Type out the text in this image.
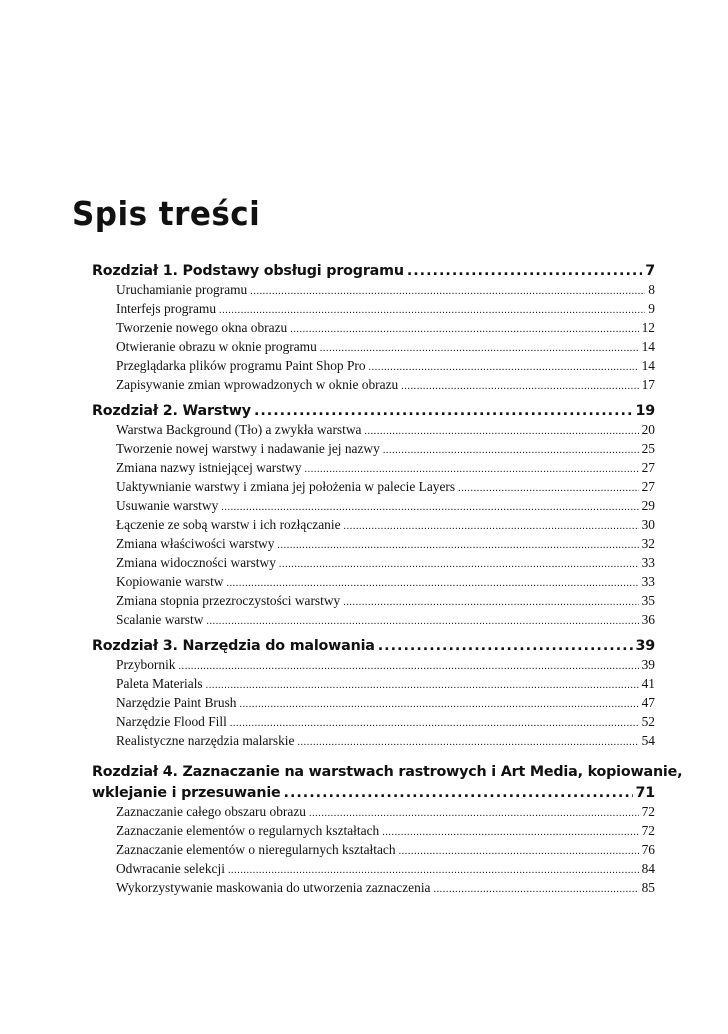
Spis treści
Rozdział 1. Podstawy obsługi programu .....	7
Uruchamianie programu .....	8
Interfejs programu .....	9
Tworzenie nowego okna obrazu .....	12
Otwieranie obrazu w oknie programu .....	14
Przeglądarka plików programu Paint Shop Pro .....	14
Zapisywanie zmian wprowadzonych w oknie obrazu .....	17
Rozdział 2. Warstwy .....	19
Warstwa Background (Tło) a zwykła warstwa .....	20
Tworzenie nowej warstwy i nadawanie jej nazwy .....	25
Zmiana nazwy istniejącej warstwy .....	27
Uaktywnianie warstwy i zmiana jej położenia w palecie Layers .....	27
Usuwanie warstwy .....	29
Łączenie ze sobą warstw i ich rozłączanie .....	30
Zmiana właściwości warstwy .....	32
Zmiana widoczności warstwy .....	33
Kopiowanie warstw .....	33
Zmiana stopnia przezroczystości warstwy .....	35
Scalanie warstw .....	36
Rozdział 3. Narzędzia do malowania .....	39
Przybornik .....	39
Paleta Materials .....	41
Narzędzie Paint Brush .....	47
Narzędzie Flood Fill .....	52
Realistyczne narzędzia malarskie .....	54
Rozdział 4. Zaznaczanie na warstwach rastrowych i Art Media, kopiowanie,
wklejanie i przesuwanie .....	71
Zaznaczanie całego obszaru obrazu .....	72
Zaznaczanie elementów o regularnych kształtach .....	72
Zaznaczanie elementów o nieregularnych kształtach .....	76
Odwracanie selekcji .....	84
Wykorzystywanie maskowania do utworzenia zaznaczenia .....	85
